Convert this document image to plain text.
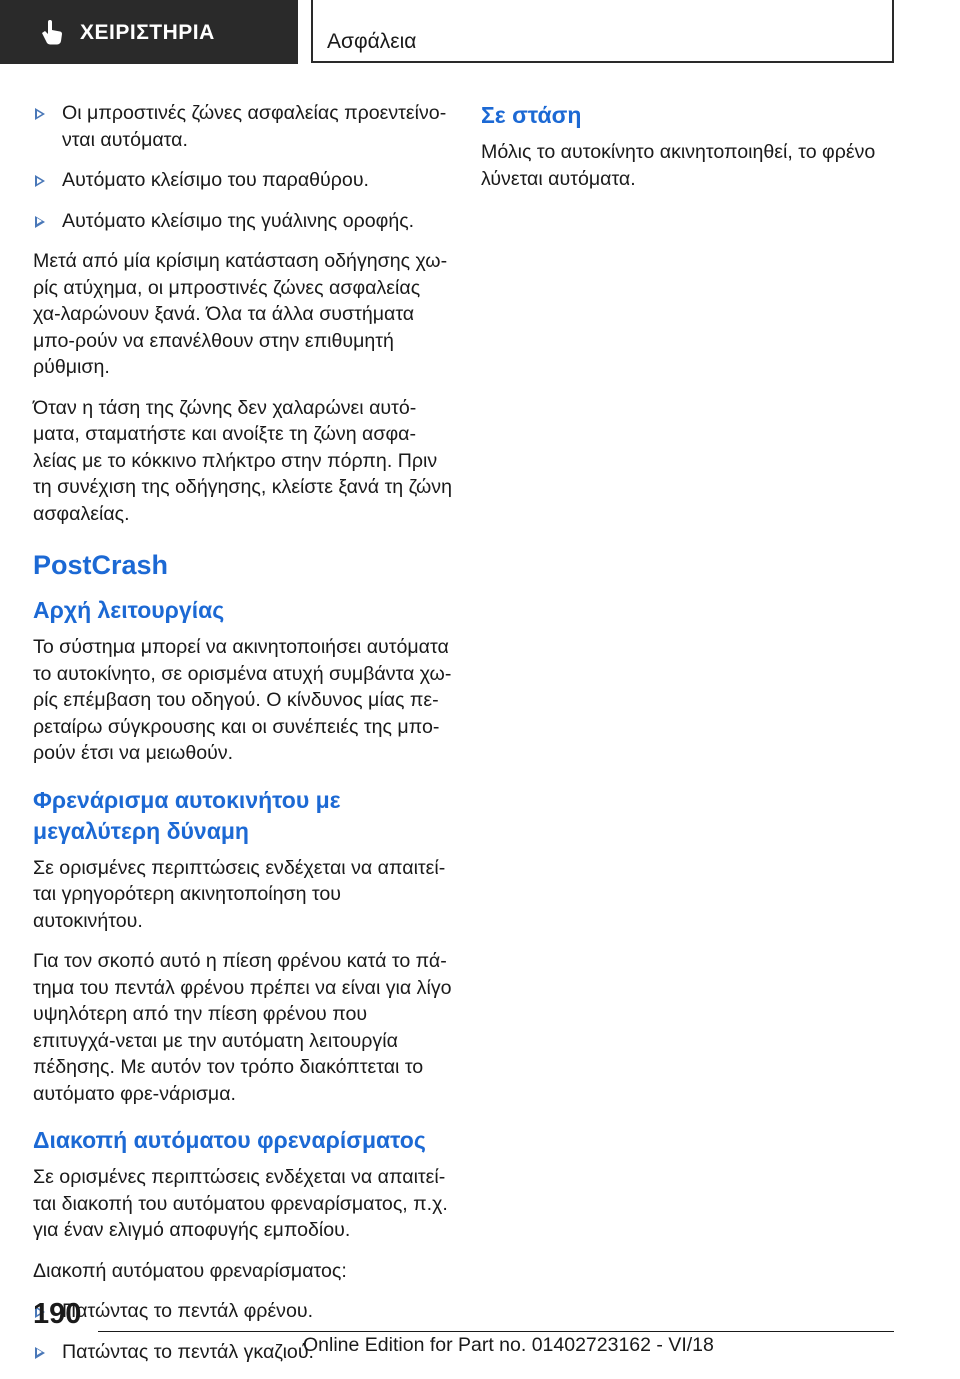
ΧΕΙΡΙΣΤΗΡΙΑ	Ασφάλεια

Οι μπροστινές ζώνες ασφαλείας προεντείνο-νται αυτόματα.

Αυτόματο κλείσιμο του παραθύρου.

Αυτόματο κλείσιμο της γυάλινης οροφής.

Μετά από μία κρίσιμη κατάσταση οδήγησης χω-ρίς ατύχημα, οι μπροστινές ζώνες ασφαλείας χα-λαρώνουν ξανά. Όλα τα άλλα συστήματα μπο-ρούν να επανέλθουν στην επιθυμητή ρύθμιση.

Όταν η τάση της ζώνης δεν χαλαρώνει αυτό-ματα, σταματήστε και ανοίξτε τη ζώνη ασφα-λείας με το κόκκινο πλήκτρο στην πόρπη. Πριν τη συνέχιση της οδήγησης, κλείστε ξανά τη ζώνη ασφαλείας.

PostCrash
Αρχή λειτουργίας

Το σύστημα μπορεί να ακινητοποιήσει αυτόματα το αυτοκίνητο, σε ορισμένα ατυχή συμβάντα χω-ρίς επέμβαση του οδηγού. Ο κίνδυνος μίας πε-ρεταίρω σύγκρουσης και οι συνέπειές της μπο-ρούν έτσι να μειωθούν.

Φρενάρισμα αυτοκινήτου με μεγαλύτερη δύναμη

Σε ορισμένες περιπτώσεις ενδέχεται να απαιτεί-ται γρηγορότερη ακινητοποίηση του αυτοκινήτου.

Για τον σκοπό αυτό η πίεση φρένου κατά το πά-τημα του πεντάλ φρένου πρέπει να είναι για λίγο υψηλότερη από την πίεση φρένου που επιτυγχά-νεται με την αυτόματη λειτουργία πέδησης. Με αυτόν τον τρόπο διακόπτεται το αυτόματο φρε-νάρισμα.

Διακοπή αυτόματου φρεναρίσματος

Σε ορισμένες περιπτώσεις ενδέχεται να απαιτεί-ται διακοπή του αυτόματου φρεναρίσματος, π.χ. για έναν ελιγμό αποφυγής εμποδίου.

Διακοπή αυτόματου φρεναρίσματος:

Πατώντας το πεντάλ φρένου.

Πατώντας το πεντάλ γκαζιού.

Σε στάση

Μόλις το αυτοκίνητο ακινητοποιηθεί, το φρένο λύνεται αυτόματα.

190
Online Edition for Part no. 01402723162 - VI/18
